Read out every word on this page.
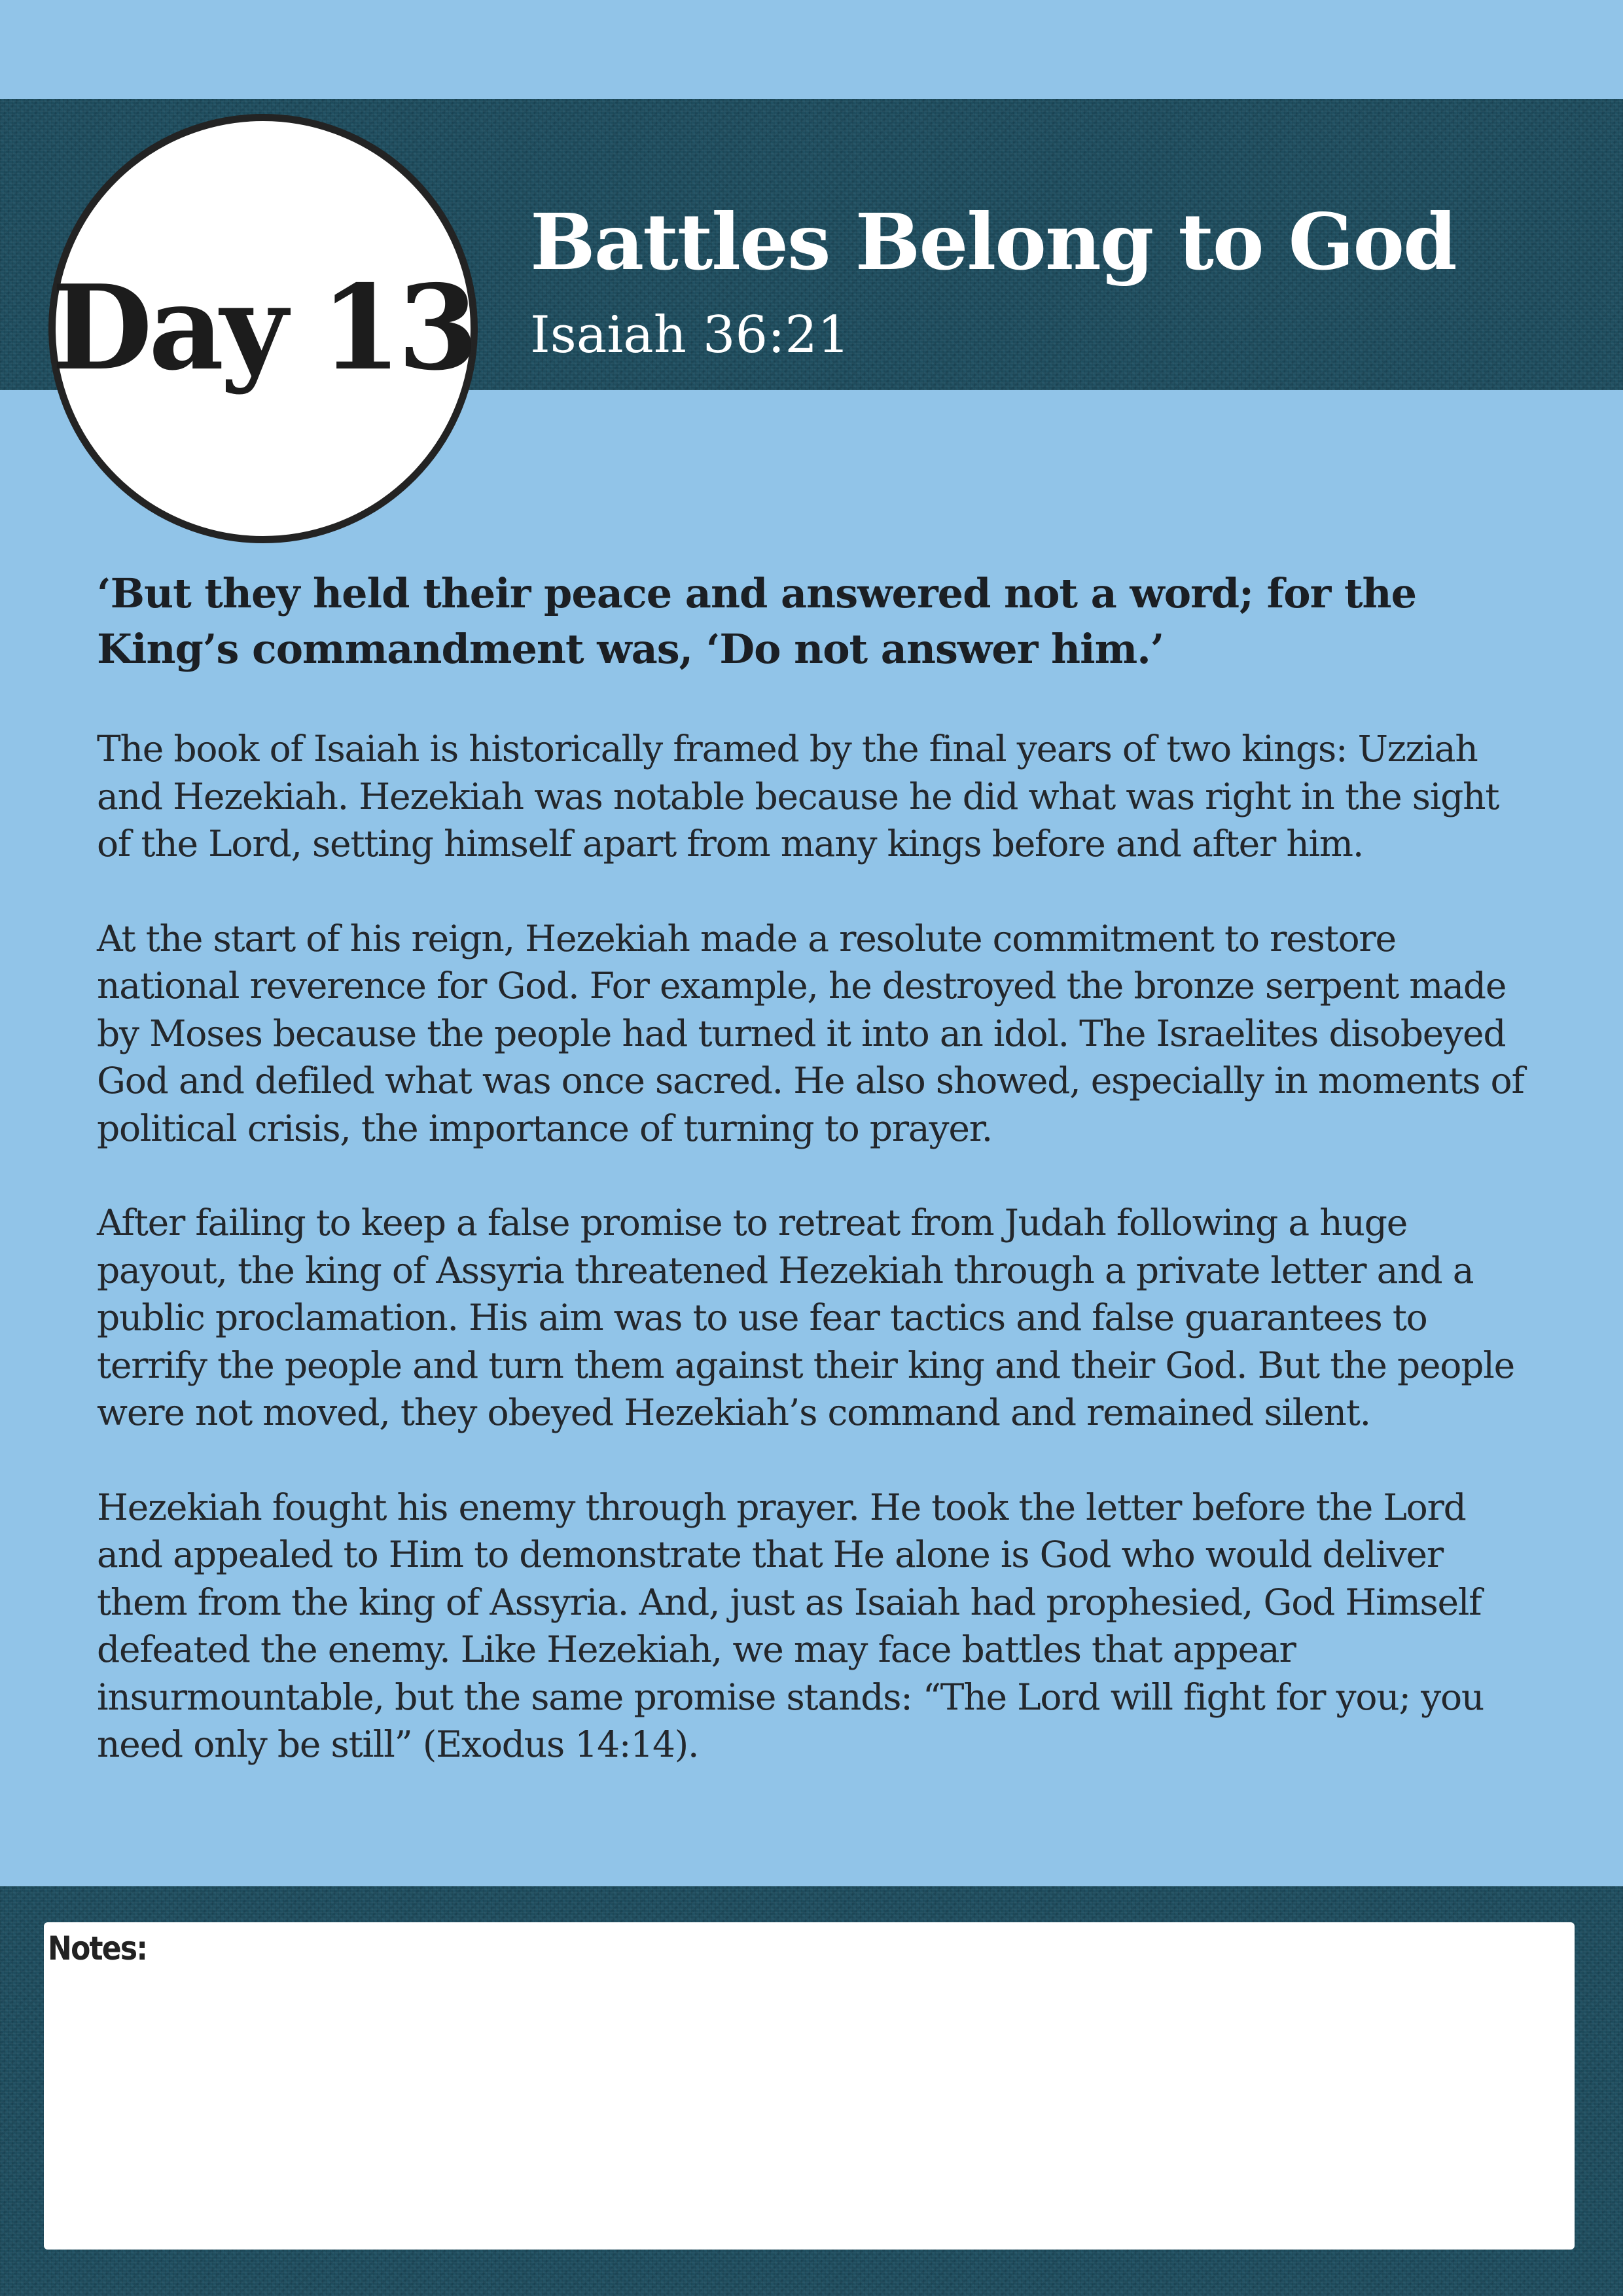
Day 13
Battles Belong to God
Isaiah 36:21

‘But they held their peace and answered not a word; for the King’s commandment was, ‘Do not answer him.’

The book of Isaiah is historically framed by the final years of two kings: Uzziah and Hezekiah. Hezekiah was notable because he did what was right in the sight of the Lord, setting himself apart from many kings before and after him.

At the start of his reign, Hezekiah made a resolute commitment to restore national reverence for God. For example, he destroyed the bronze serpent made by Moses because the people had turned it into an idol. The Israelites disobeyed God and defiled what was once sacred. He also showed, especially in moments of political crisis, the importance of turning to prayer.

After failing to keep a false promise to retreat from Judah following a huge payout, the king of Assyria threatened Hezekiah through a private letter and a public proclamation. His aim was to use fear tactics and false guarantees to terrify the people and turn them against their king and their God. But the people were not moved, they obeyed Hezekiah’s command and remained silent.

Hezekiah fought his enemy through prayer. He took the letter before the Lord and appealed to Him to demonstrate that He alone is God who would deliver them from the king of Assyria. And, just as Isaiah had prophesied, God Himself defeated the enemy. Like Hezekiah, we may face battles that appear insurmountable, but the same promise stands: “The Lord will fight for you; you need only be still” (Exodus 14:14).

Notes:
